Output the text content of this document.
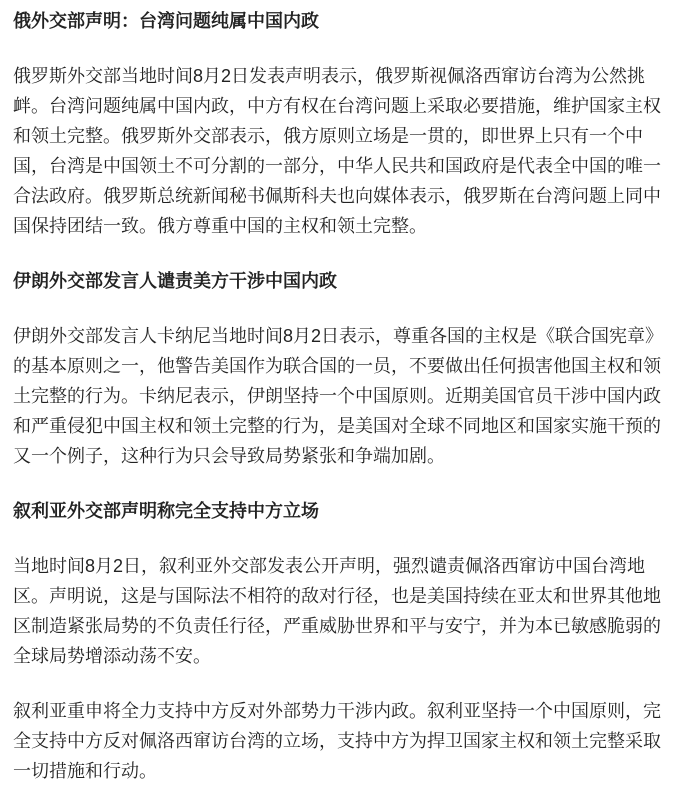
俄外交部声明：台湾问题纯属中国内政

俄罗斯外交部当地时间8月2日发表声明表示，俄罗斯视佩洛西窜访台湾为公然挑衅。台湾问题纯属中国内政，中方有权在台湾问题上采取必要措施，维护国家主权和领土完整。俄罗斯外交部表示，俄方原则立场是一贯的，即世界上只有一个中国，台湾是中国领土不可分割的一部分，中华人民共和国政府是代表全中国的唯一合法政府。俄罗斯总统新闻秘书佩斯科夫也向媒体表示，俄罗斯在台湾问题上同中国保持团结一致。俄方尊重中国的主权和领土完整。

伊朗外交部发言人谴责美方干涉中国内政

伊朗外交部发言人卡纳尼当地时间8月2日表示，尊重各国的主权是《联合国宪章》的基本原则之一，他警告美国作为联合国的一员，不要做出任何损害他国主权和领土完整的行为。卡纳尼表示，伊朗坚持一个中国原则。近期美国官员干涉中国内政和严重侵犯中国主权和领土完整的行为，是美国对全球不同地区和国家实施干预的又一个例子，这种行为只会导致局势紧张和争端加剧。

叙利亚外交部声明称完全支持中方立场

当地时间8月2日，叙利亚外交部发表公开声明，强烈谴责佩洛西窜访中国台湾地区。声明说，这是与国际法不相符的敌对行径，也是美国持续在亚太和世界其他地区制造紧张局势的不负责任行径，严重威胁世界和平与安宁，并为本已敏感脆弱的全球局势增添动荡不安。

叙利亚重申将全力支持中方反对外部势力干涉内政。叙利亚坚持一个中国原则，完全支持中方反对佩洛西窜访台湾的立场，支持中方为捍卫国家主权和领土完整采取一切措施和行动。
